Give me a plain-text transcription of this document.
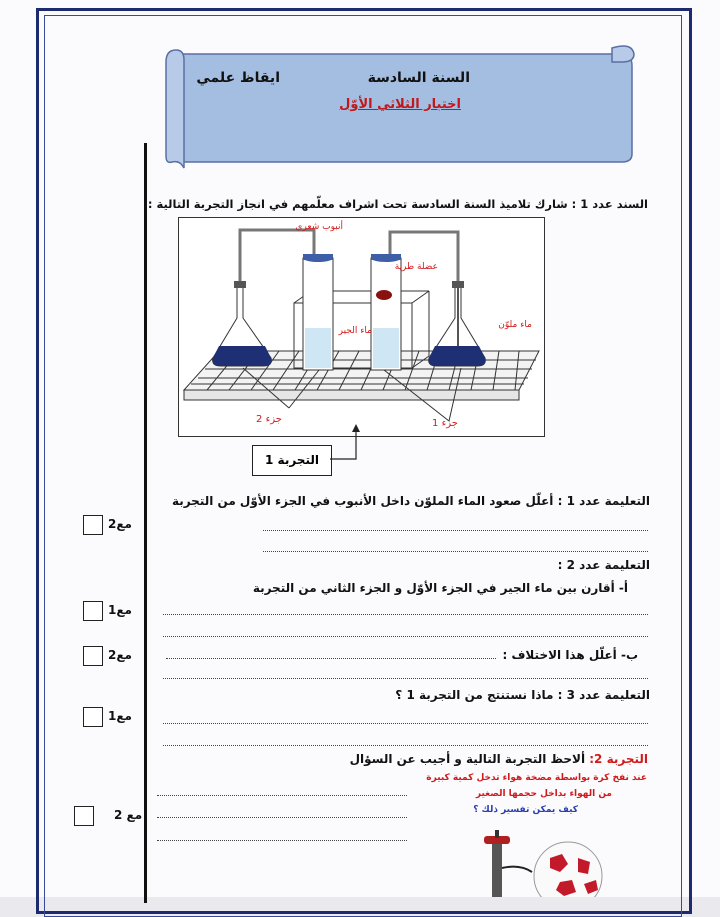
السنة السادسة
ايقاظ علمي
اختبار الثلاثي الأوّل
السند عدد 1 : شارك تلاميذ السنة السادسة تحت اشراف معلّمهم في انجاز التجربة التالية :
أنبوب شعري
عضلة طرية
ماء ملوّن
ماء الجير
جزء 2	جزء 1
التجربة 1
التعليمة عدد 1 : أعلّل صعود الماء الملوّن داخل الأنبوب في الجزء الأوّل من التجربة
مع2
التعليمة عدد 2 :
أ- أقارن بين ماء الجير في الجزء الأوّل و الجزء الثاني من التجربة
مع1
ب- أعلّل هذا الاختلاف :
مع2
التعليمة عدد 3 : ماذا نستنتج من التجربة 1 ؟
مع1
التجربة 2: ألاحظ التجربة التالية و أجيب عن السؤال
عند نفخ كرة بواسطة مضخة هواء تدخل كمية كبيرة
من الهواء بداخل حجمها الصغير
كيف يمكن تفسير ذلك ؟
مع 2
